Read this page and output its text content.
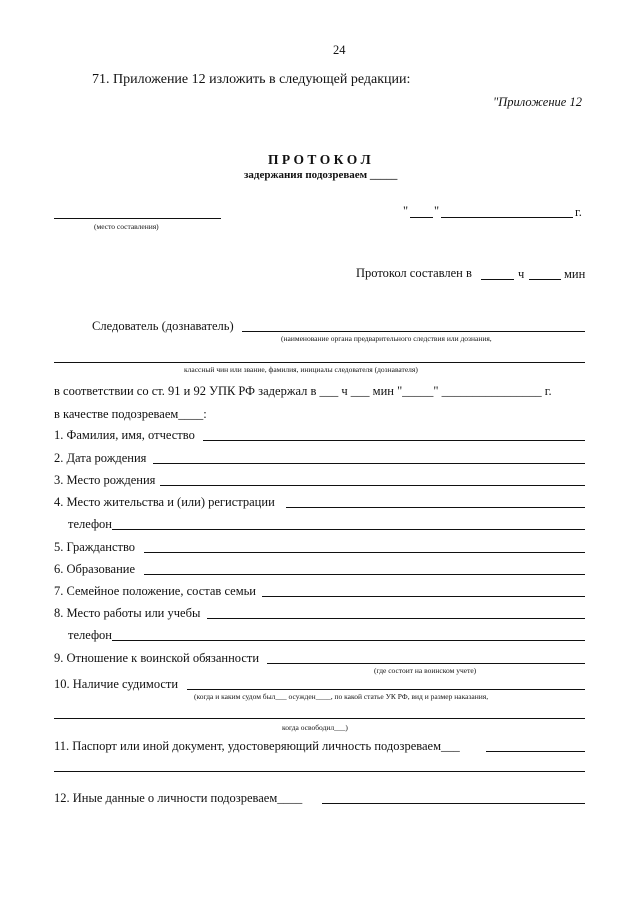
24
71. Приложение 12 изложить в следующей редакции:
"Приложение 12
П Р О Т О К О Л
задержания подозреваем _____
(место составления)
" "	г.
Протокол составлен в	ч	мин
Следователь (дознаватель)
(наименование органа предварительного следствия или дознания,
классный чин или звание, фамилия, инициалы следователя (дознавателя)
в соответствии со ст. 91 и 92 УПК РФ задержал в ___ ч ___ мин "_____" ________________ г.
в качестве подозреваем____:
1. Фамилия, имя, отчество
2. Дата рождения
3. Место рождения
4. Место жительства и (или) регистрации
телефон
5. Гражданство
6. Образование
7. Семейное положение, состав семьи
8. Место работы или учебы
телефон
9. Отношение к воинской обязанности
(где состоит на воинском учете)
10. Наличие судимости
(когда и каким судом был___ осужден____, по какой статье УК РФ, вид и размер наказания,
когда освободил___)
11. Паспорт или иной документ, удостоверяющий личность подозреваем___
12. Иные данные о личности подозреваем____
